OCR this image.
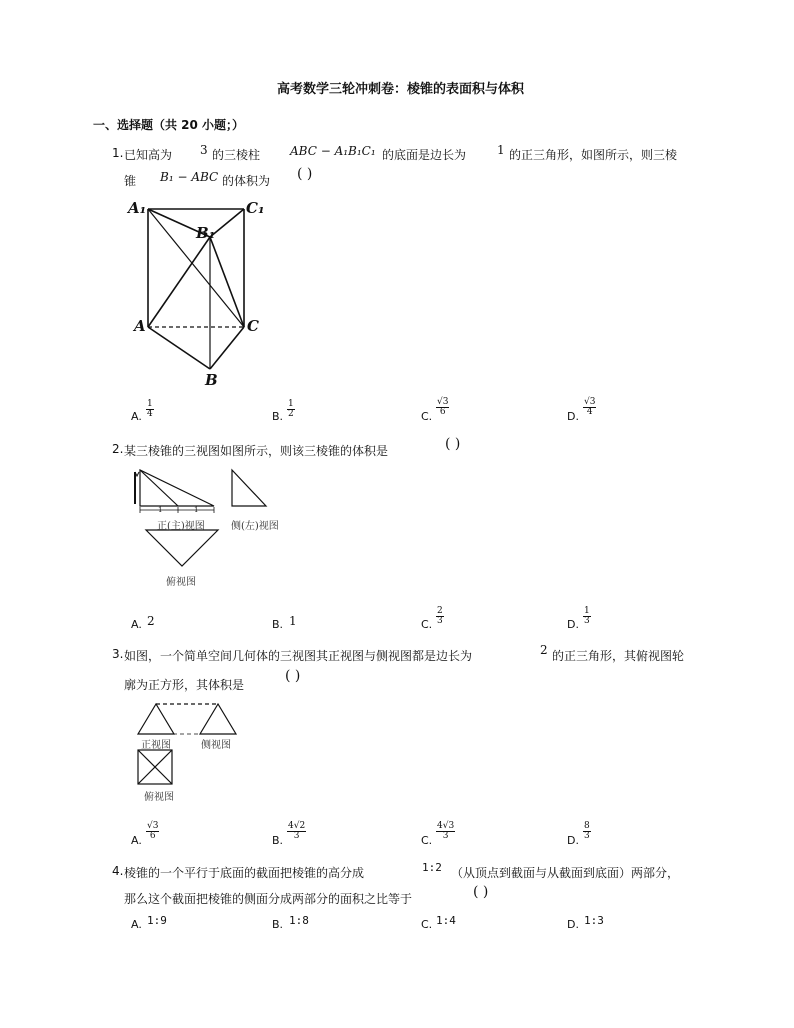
高考数学三轮冲刺卷：棱锥的表面积与体积
一、选择题（共 20 小题；）
1. 已知高为 3 的三棱柱 ABC − A₁B₁C₁ 的底面是边长为	1 的正三角形，如图所示，则三棱
锥 B₁ − ABC 的体积为 ( )
A₁	C₁
B₁
A	C
B
A. $\frac{1}{4}$	B. $\frac{1}{2}$	C. $\frac{√3}{6}$	D. $\frac{√3}{4}$
2. 某三棱锥的三视图如图所示，则该三棱锥的体积是	( )
1	1
正(主)视图	侧(左)视图
俯视图
A. 2	B. 1	C. $\frac{2}{3}$	D. $\frac{1}{3}$
3. 如图，一个简单空间几何体的三视图其正视图与侧视图都是边长为	2 的正三角形，其俯视图轮
廓为正方形，其体积是
( )
正视图	侧视图
俯视图
A. $\frac{√3}{6}$	B. $\frac{4√2}{3}$	C. $\frac{4√3}{3}$	D. $\frac{8}{3}$
4. 棱锥的一个平行于底面的截面把棱锥的高分成	1:2 （从顶点到截面与从截面到底面）两部分，
那么这个截面把棱锥的侧面分成两部分的面积之比等于	( )
A. 1:9	B. 1:8	C. 1:4	D. 1:3
